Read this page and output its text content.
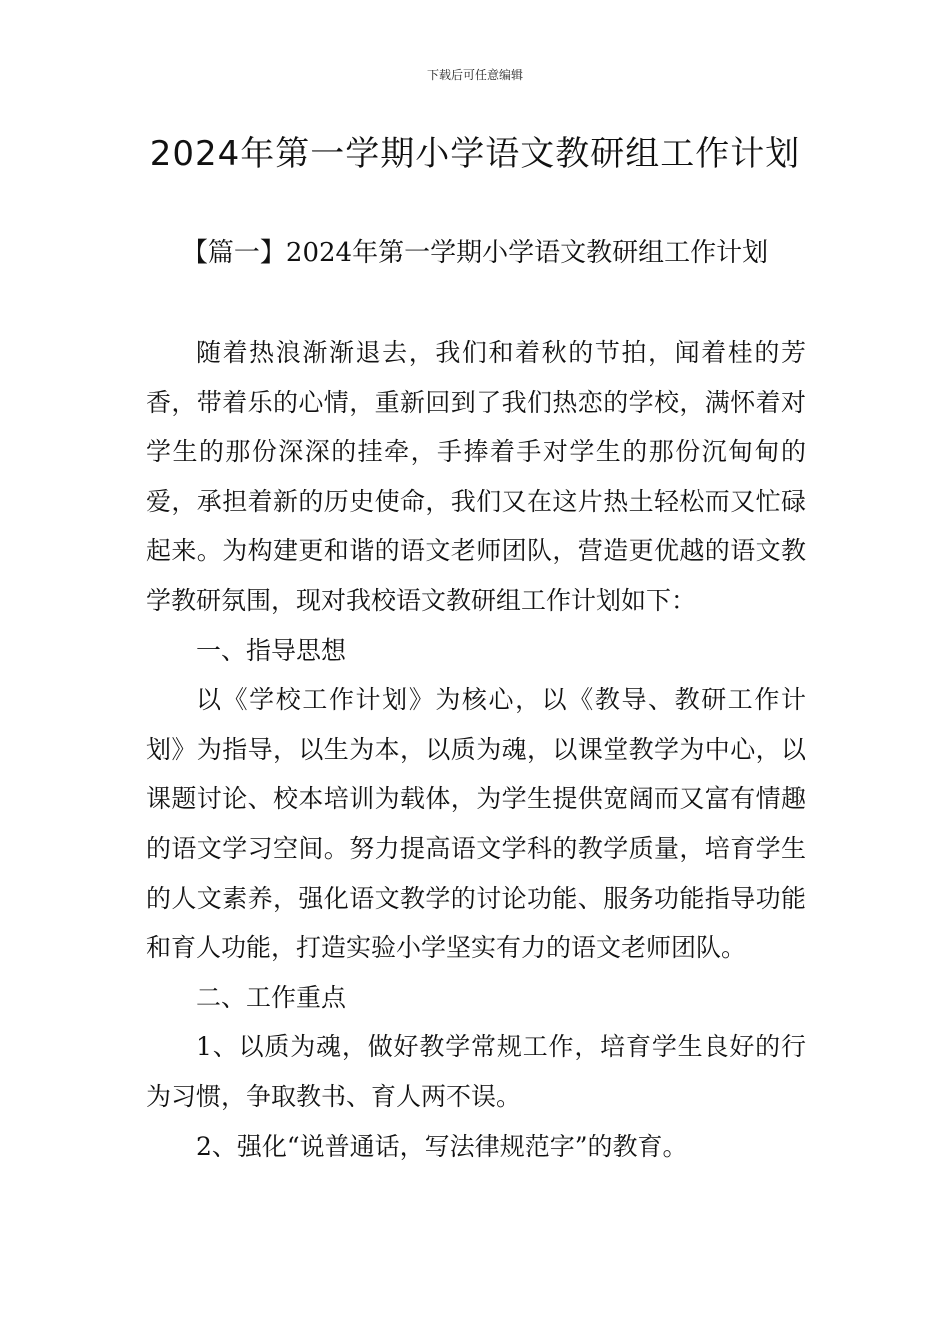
下载后可任意编辑
2024年第一学期小学语文教研组工作计划
【篇一】2024年第一学期小学语文教研组工作计划

随着热浪渐渐退去，我们和着秋的节拍，闻着桂的芳香，带着乐的心情，重新回到了我们热恋的学校，满怀着对学生的那份深深的挂牵，手捧着手对学生的那份沉甸甸的爱，承担着新的历史使命，我们又在这片热土轻松而又忙碌起来。为构建更和谐的语文老师团队，营造更优越的语文教学教研氛围，现对我校语文教研组工作计划如下：

一、指导思想

以《学校工作计划》为核心，以《教导、教研工作计划》为指导，以生为本，以质为魂，以课堂教学为中心，以课题讨论、校本培训为载体，为学生提供宽阔而又富有情趣的语文学习空间。努力提高语文学科的教学质量，培育学生的人文素养，强化语文教学的讨论功能、服务功能指导功能和育人功能，打造实验小学坚实有力的语文老师团队。

二、工作重点

1、以质为魂，做好教学常规工作，培育学生良好的行为习惯，争取教书、育人两不误。

2、强化“说普通话，写法律规范字”的教育。
